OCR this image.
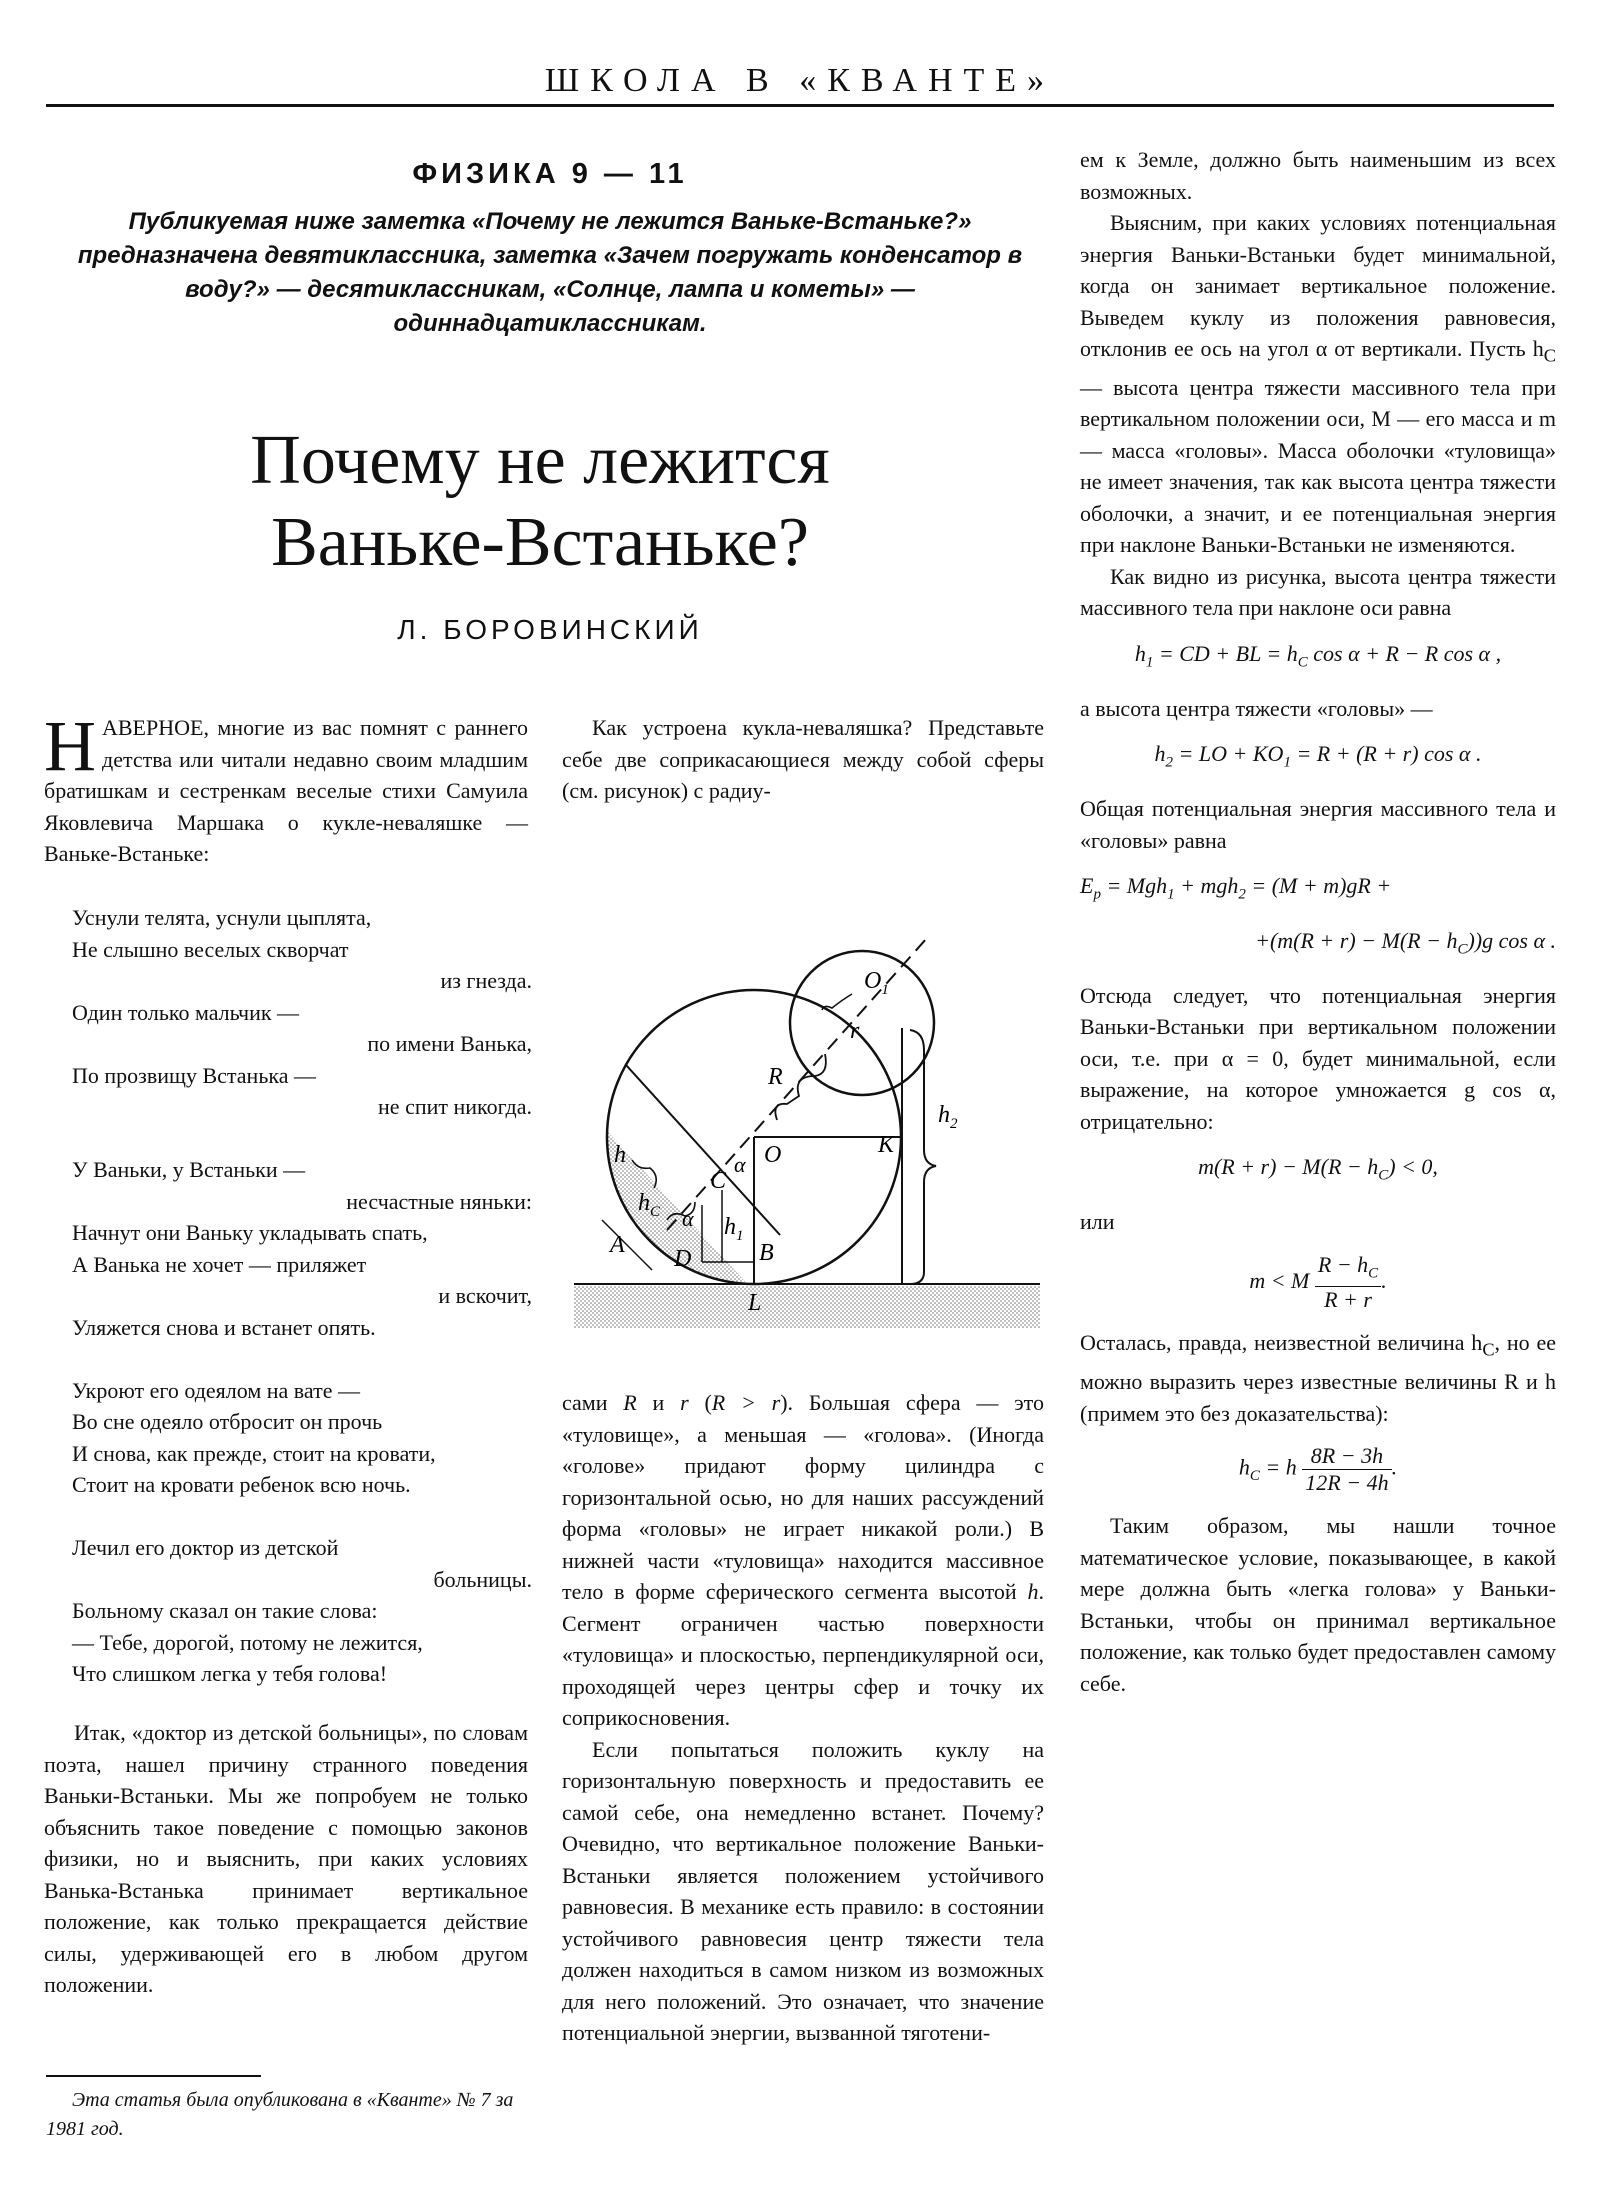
ШКОЛА В «КВАНТЕ»
ФИЗИКА 9 — 11
Публикуемая ниже заметка «Почему не лежится Ваньке-Встаньке?» предназначена девятиклассника, заметка «Зачем погружать конденсатор в воду?» — десятиклассникам, «Солнце, лампа и кометы» — одиннадцатиклассникам.
Почему не лежится Ваньке-Встаньке?
Л. БОРОВИНСКИЙ

НАВЕРНОЕ, многие из вас помнят с раннего детства или читали недавно своим младшим братишкам и сестренкам веселые стихи Самуила Яковлевича Маршака о кукле-неваляшке — Ваньке-Встаньке:

Уснули телята, уснули цыплята,
Не слышно веселых скворчат
из гнезда.
Один только мальчик —
по имени Ванька,
По прозвищу Встанька —
не спит никогда.
У Ваньки, у Встаньки —
несчастные няньки:
Начнут они Ваньку укладывать спать,
А Ванька не хочет — приляжет
и вскочит,
Уляжется снова и встанет опять.
Укроют его одеялом на вате —
Во сне одеяло отбросит он прочь
И снова, как прежде, стоит на кровати,
Стоит на кровати ребенок всю ночь.
Лечил его доктор из детской
больницы.
Больному сказал он такие слова:
— Тебе, дорогой, потому не лежится,
Что слишком легка у тебя голова!

Итак, «доктор из детской больницы», по словам поэта, нашел причину странного поведения Ваньки-Встаньки. Мы же попробуем не только объяснить такое поведение с помощью законов физики, но и выяснить, при каких условиях Ванька-Встанька принимает вертикальное положение, как только прекращается действие силы, удерживающей его в любом другом положении.

Эта статья была опубликована в «Кванте» № 7 за 1981 год.

Как устроена кукла-неваляшка? Представьте себе две соприкасающиеся между собой сферы (см. рисунок) с радиу-

$O_1$
r
R
O
α
C
h
$h_C$ α $h_1$
A
D	B
L
K
$h_2$

сами R и r (R > r). Большая сфера — это «туловище», а меньшая — «голова». (Иногда «голове» придают форму цилиндра с горизонтальной осью, но для наших рассуждений форма «головы» не играет никакой роли.) В нижней части «туловища» находится массивное тело в форме сферического сегмента высотой h. Сегмент ограничен частью поверхности «туловища» и плоскостью, перпендикулярной оси, проходящей через центры сфер и точку их соприкосновения.

Если попытаться положить куклу на горизонтальную поверхность и предоставить ее самой себе, она немедленно встанет. Почему? Очевидно, что вертикальное положение Ваньки-Встаньки является положением устойчивого равновесия. В механике есть правило: в состоянии устойчивого равновесия центр тяжести тела должен находиться в самом низком из возможных для него положений. Это означает, что значение потенциальной энергии, вызванной тяготени-

ем к Земле, должно быть наименьшим из всех возможных.

Выясним, при каких условиях потенциальная энергия Ваньки-Встаньки будет минимальной, когда он занимает вертикальное положение. Выведем куклу из положения равновесия, отклонив ее ось на угол α от вертикали. Пусть $h_C$ — высота центра тяжести массивного тела при вертикальном положении оси, M — его масса и m — масса «головы». Масса оболочки «туловища» не имеет значения, так как высота центра тяжести оболочки, а значит, и ее потенциальная энергия при наклоне Ваньки-Встаньки не изменяются.

Как видно из рисунка, высота центра тяжести массивного тела при наклоне оси равна

$h_1$ = CD + BL = $h_C$ cos α + R − R cos α ,

а высота центра тяжести «головы» —

$h_2$ = LO + $KO_1 = R + (R + r)$ cos α .

Общая потенциальная энергия массивного тела и «головы» равна

$E_p = Mgh_1 + mgh_2 = (M + m)gR$ +

$+(m(R + r) - M(R - h_C))g$ cos α .

Отсюда следует, что потенциальная энергия Ваньки-Встаньки при вертикальном положении оси, т.е. при α = 0, будет минимальной, если выражение, на которое умножается g cos α, отрицательно:

$m(R + r) - M(R - h_C) < 0$,

или

m < M $\frac{R - h_C}{R + r}$ .

Осталась, правда, неизвестной величина $h_C$, но ее можно выразить через известные величины R и h (примем это без доказательства):

$h_C = h \frac{8R - 3h}{12R - 4h}$ .

Таким образом, мы нашли точное математическое условие, показывающее, в какой мере должна быть «легка голова» у Ваньки-Встаньки, чтобы он принимал вертикальное положение, как только будет предоставлен самому себе.
